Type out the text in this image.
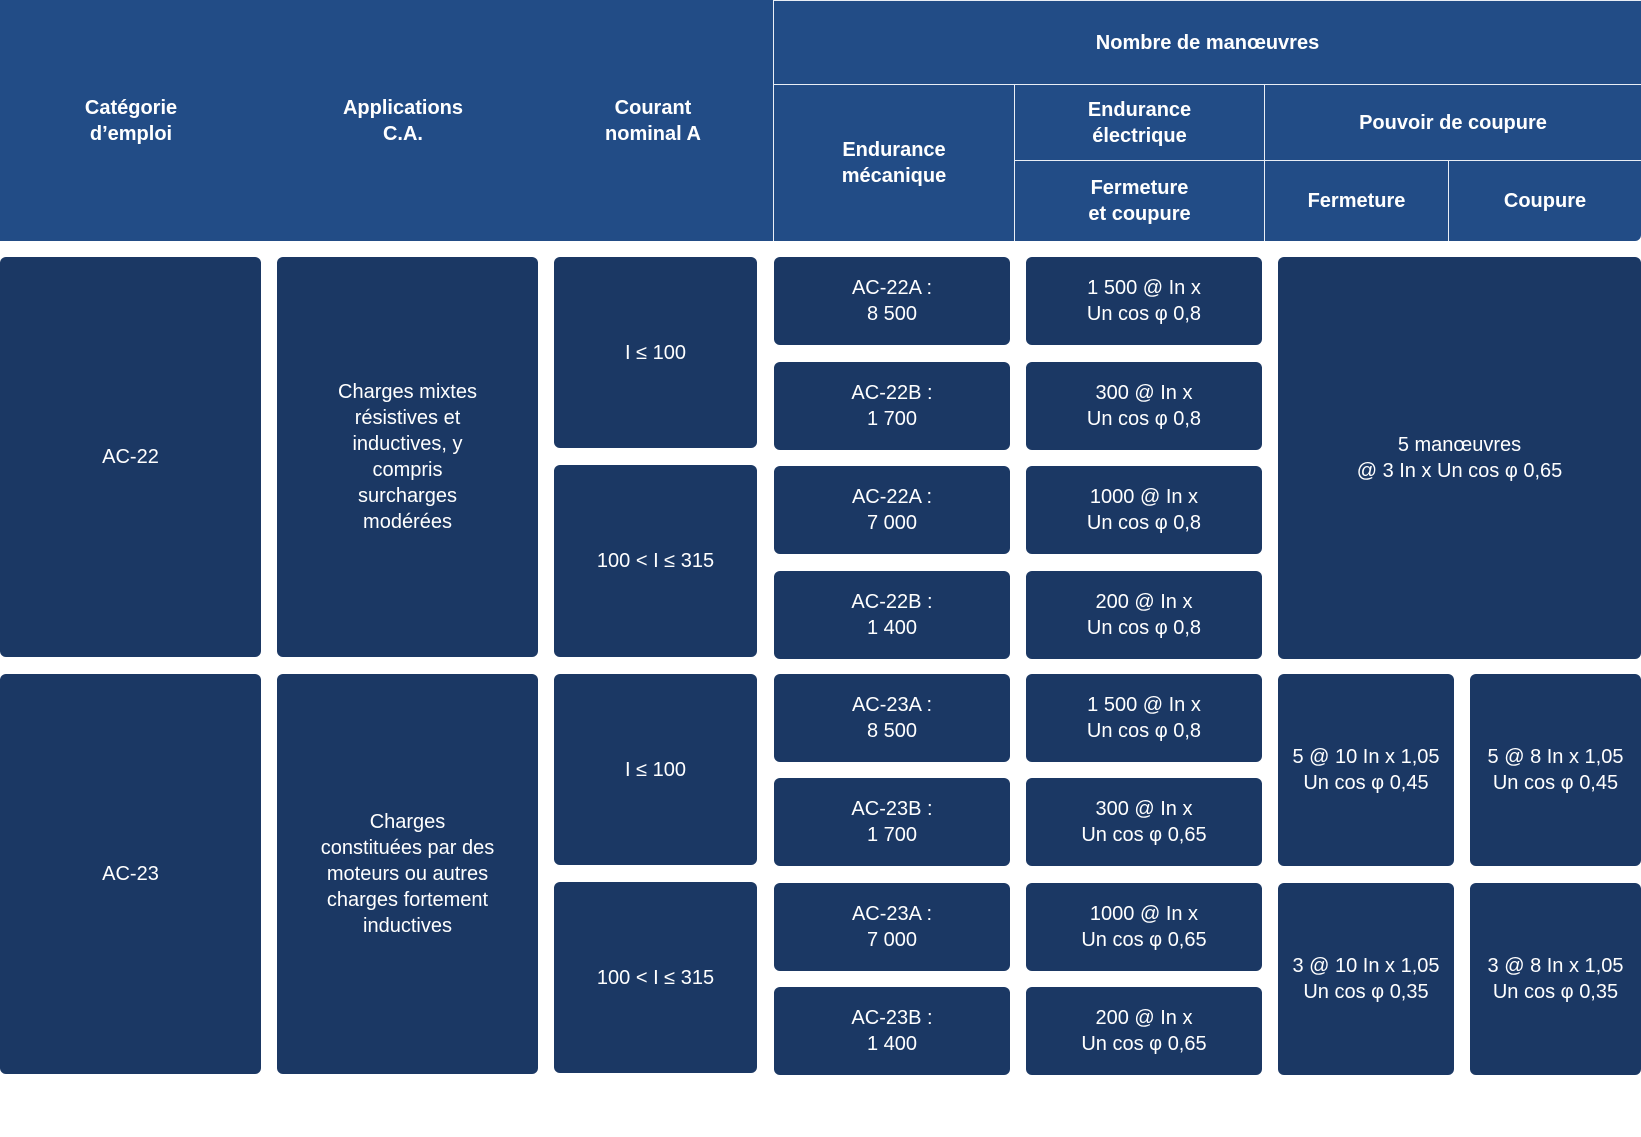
Catégorie
d’emploi
Applications
C.A.
Courant
nominal A
Nombre de manœuvres
Endurance
mécanique
Endurance
électrique
Pouvoir de coupure
Fermeture
et coupure
Fermeture	Coupure
AC-22
Charges mixtes
résistives et
inductives, y
compris
surcharges
modérées
I ≤ 100
100 < I ≤ 315
AC-22A :
8 500
AC-22B :
1 700
AC-22A :
7 000
AC-22B :
1 400
1 500 @ In x
Un cos φ 0,8
300 @ In x
Un cos φ 0,8
1000 @ In x
Un cos φ 0,8
200 @ In x
Un cos φ 0,8
5 manœuvres
@ 3 In x Un cos φ 0,65
AC-23
Charges
constituées par des
moteurs ou autres
charges fortement
inductives
I ≤ 100
100 < I ≤ 315
AC-23A :
8 500
AC-23B :
1 700
AC-23A :
7 000
AC-23B :
1 400
1 500 @ In x
Un cos φ 0,8
300 @ In x
Un cos φ 0,65
1000 @ In x
Un cos φ 0,65
200 @ In x
Un cos φ 0,65
5 @ 10 In x 1,05
Un cos φ 0,45
3 @ 10 In x 1,05
Un cos φ 0,35
5 @ 8 In x 1,05
Un cos φ 0,45
3 @ 8 In x 1,05
Un cos φ 0,35
